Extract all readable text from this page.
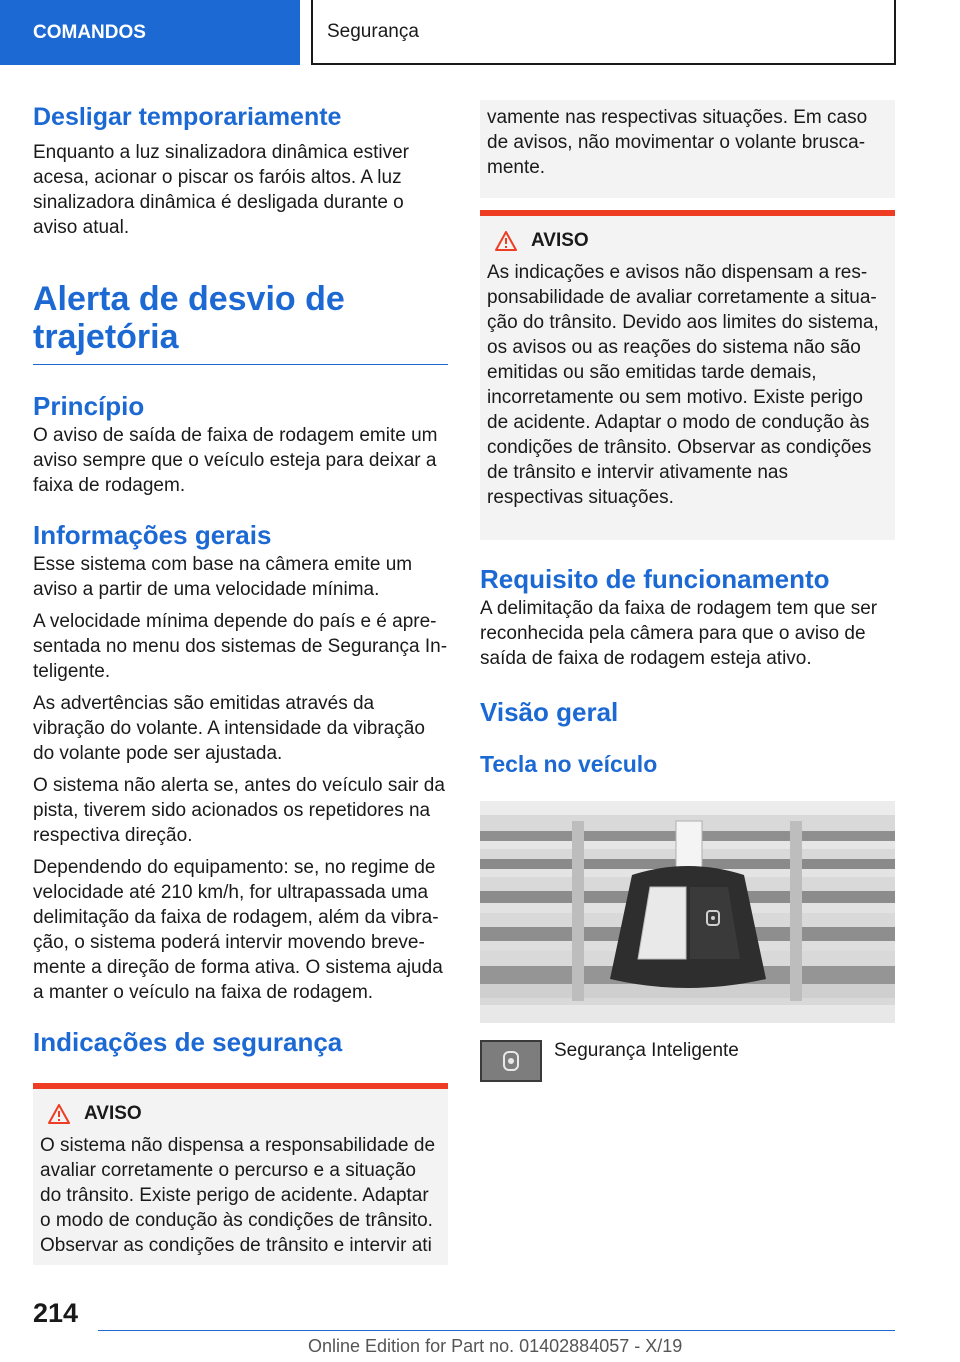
COMANDOS	Segurança
Desligar temporariamente

Enquanto a luz sinalizadora dinâmica estiver acesa, acionar o piscar os faróis altos. A luz sinalizadora dinâmica é desligada durante o aviso atual.

Alerta de desvio de trajetória
Princípio

O aviso de saída de faixa de rodagem emite um aviso sempre que o veículo esteja para deixar a faixa de rodagem.

Informações gerais

Esse sistema com base na câmera emite um aviso a partir de uma velocidade mínima.

A velocidade mínima depende do país e é apresentada no menu dos sistemas de Segurança Inteligente.

As advertências são emitidas através da vibração do volante. A intensidade da vibração do volante pode ser ajustada.

O sistema não alerta se, antes do veículo sair da pista, tiverem sido acionados os repetidores na respectiva direção.

Dependendo do equipamento: se, no regime de velocidade até 210 km/h, for ultrapassada uma delimitação da faixa de rodagem, além da vibração, o sistema poderá intervir movendo brevemente a direção de forma ativa. O sistema ajuda a manter o veículo na faixa de rodagem.

Indicações de segurança
AVISO

O sistema não dispensa a responsabilidade de avaliar corretamente o percurso e a situação do trânsito. Existe perigo de acidente. Adaptar o modo de condução às condições de trânsito. Observar as condições de trânsito e intervir ati

vamente nas respectivas situações. Em caso de avisos, não movimentar o volante bruscamente.

AVISO

As indicações e avisos não dispensam a responsabilidade de avaliar corretamente a situação do trânsito. Devido aos limites do sistema, os avisos ou as reações do sistema não são emitidas ou são emitidas tarde demais, incorretamente ou sem motivo. Existe perigo de acidente. Adaptar o modo de condução às condições de trânsito. Observar as condições de trânsito e intervir ativamente nas respectivas situações.

Requisito de funcionamento

A delimitação da faixa de rodagem tem que ser reconhecida pela câmera para que o aviso de saída de faixa de rodagem esteja ativo.

Visão geral
Tecla no veículo
Segurança Inteligente
214
Online Edition for Part no. 01402884057 - X/19
